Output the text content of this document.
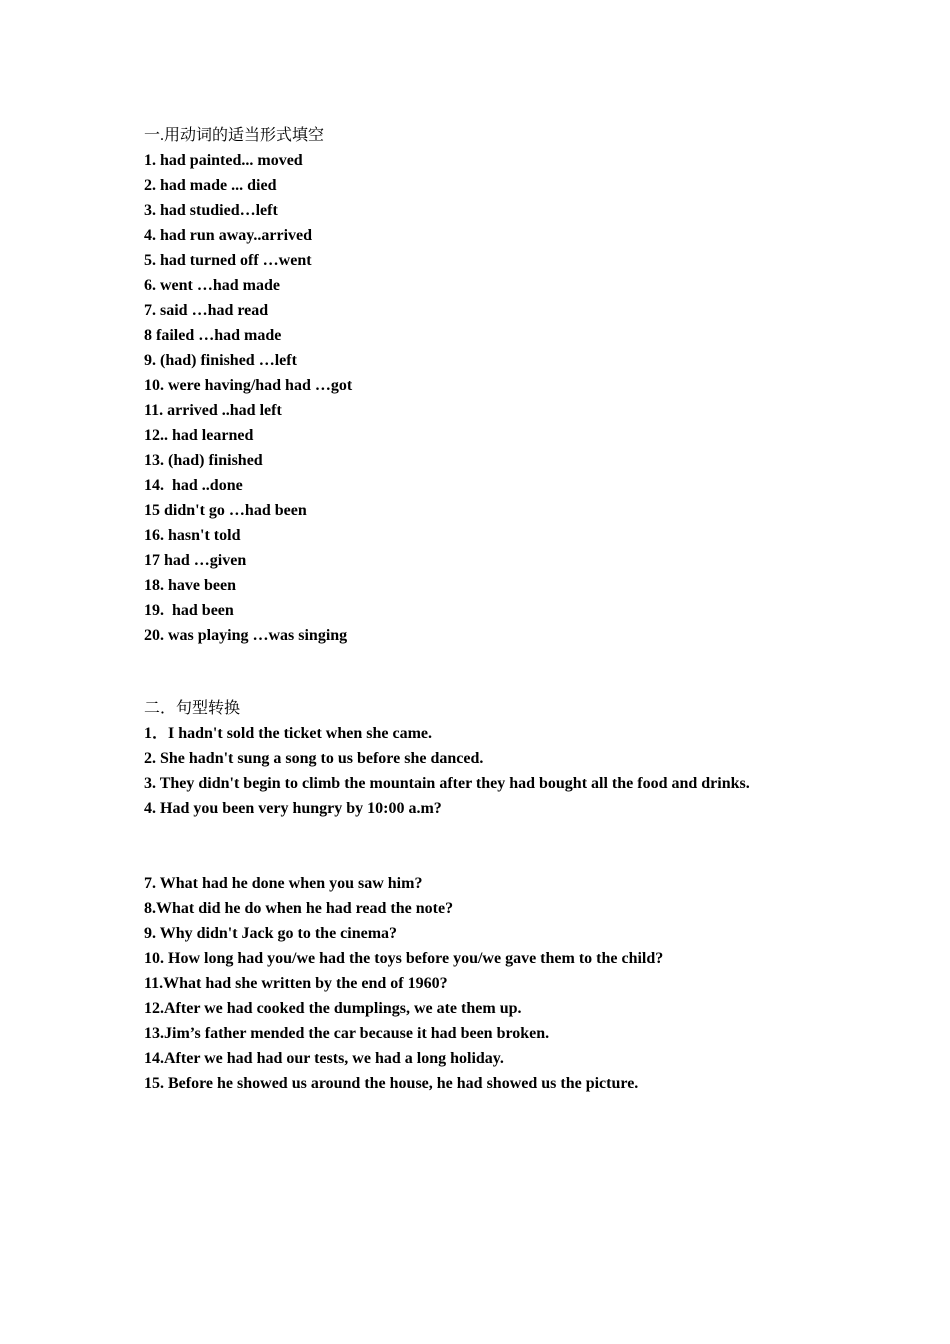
一.用动词的适当形式填空
1. had painted... moved
2. had made ... died
3. had studied…left
4. had run away..arrived
5. had turned off …went
6. went …had made
7. said …had read
8 failed …had made
9. (had) finished …left
10. were having/had had …got
11. arrived ..had left
12.. had learned
13. (had) finished
14.  had ..done
15 didn't go …had been
16. hasn't told
17 had …given
18. have been
19.  had been
20. was playing …was singing
二．句型转换
1．I hadn't sold the ticket when she came.
2. She hadn't sung a song to us before she danced.
3. They didn't begin to climb the mountain after they had bought all the food and drinks.
4. Had you been very hungry by 10:00 a.m?
7. What had he done when you saw him?
8.What did he do when he had read the note?
9. Why didn't Jack go to the cinema?
10. How long had you/we had the toys before you/we gave them to the child?
11.What had she written by the end of 1960?
12.After we had cooked the dumplings, we ate them up.
13.Jim’s father mended the car because it had been broken.
14.After we had had our tests, we had a long holiday.
15. Before he showed us around the house, he had showed us the picture.
